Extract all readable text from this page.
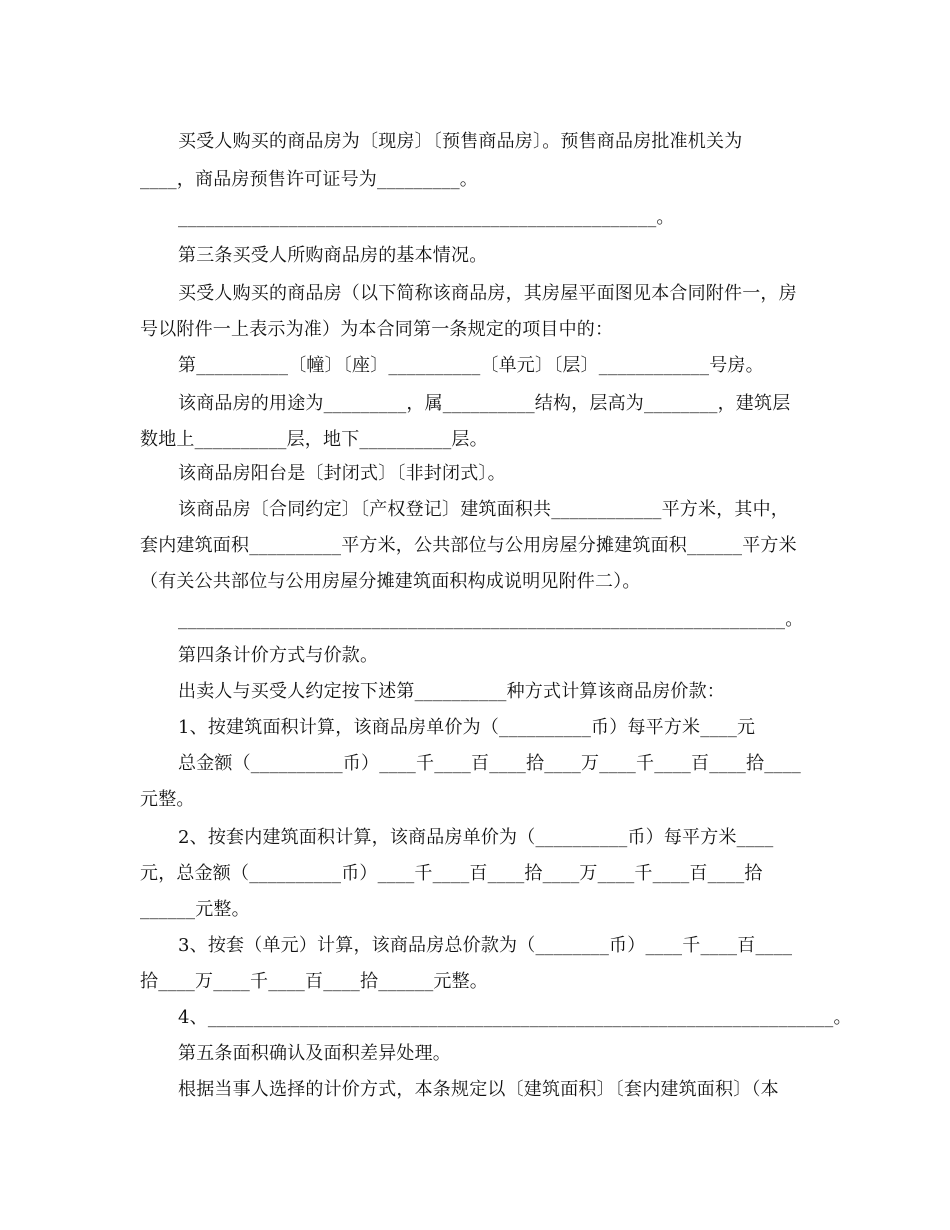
买受人购买的商品房为〔现房〕〔预售商品房〕。预售商品房批准机关为
____，商品房预售许可证号为_________。
____________________________________________________。
第三条买受人所购商品房的基本情况。
买受人购买的商品房（以下简称该商品房，其房屋平面图见本合同附件一，房
号以附件一上表示为准）为本合同第一条规定的项目中的：
第__________〔幢〕〔座〕__________〔单元〕〔层〕____________号房。
该商品房的用途为_________，属__________结构，层高为________，建筑层
数地上__________层，地下__________层。
该商品房阳台是〔封闭式〕〔非封闭式〕。
该商品房〔合同约定〕〔产权登记〕建筑面积共____________平方米，其中，
套内建筑面积__________平方米，公共部位与公用房屋分摊建筑面积______平方米
（有关公共部位与公用房屋分摊建筑面积构成说明见附件二）。
__________________________________________________________________。
第四条计价方式与价款。
出卖人与买受人约定按下述第__________种方式计算该商品房价款：
1、按建筑面积计算，该商品房单价为（__________币）每平方米____元
总金额（__________币）____千____百____拾____万____千____百____拾____
元整。
2、按套内建筑面积计算，该商品房单价为（__________币）每平方米____
元，总金额（__________币）____千____百____拾____万____千____百____拾
______元整。
3、按套（单元）计算，该商品房总价款为（________币）____千____百____
拾____万____千____百____拾______元整。
4、____________________________________________________________________。
第五条面积确认及面积差异处理。
根据当事人选择的计价方式，本条规定以〔建筑面积〕〔套内建筑面积〕（本
